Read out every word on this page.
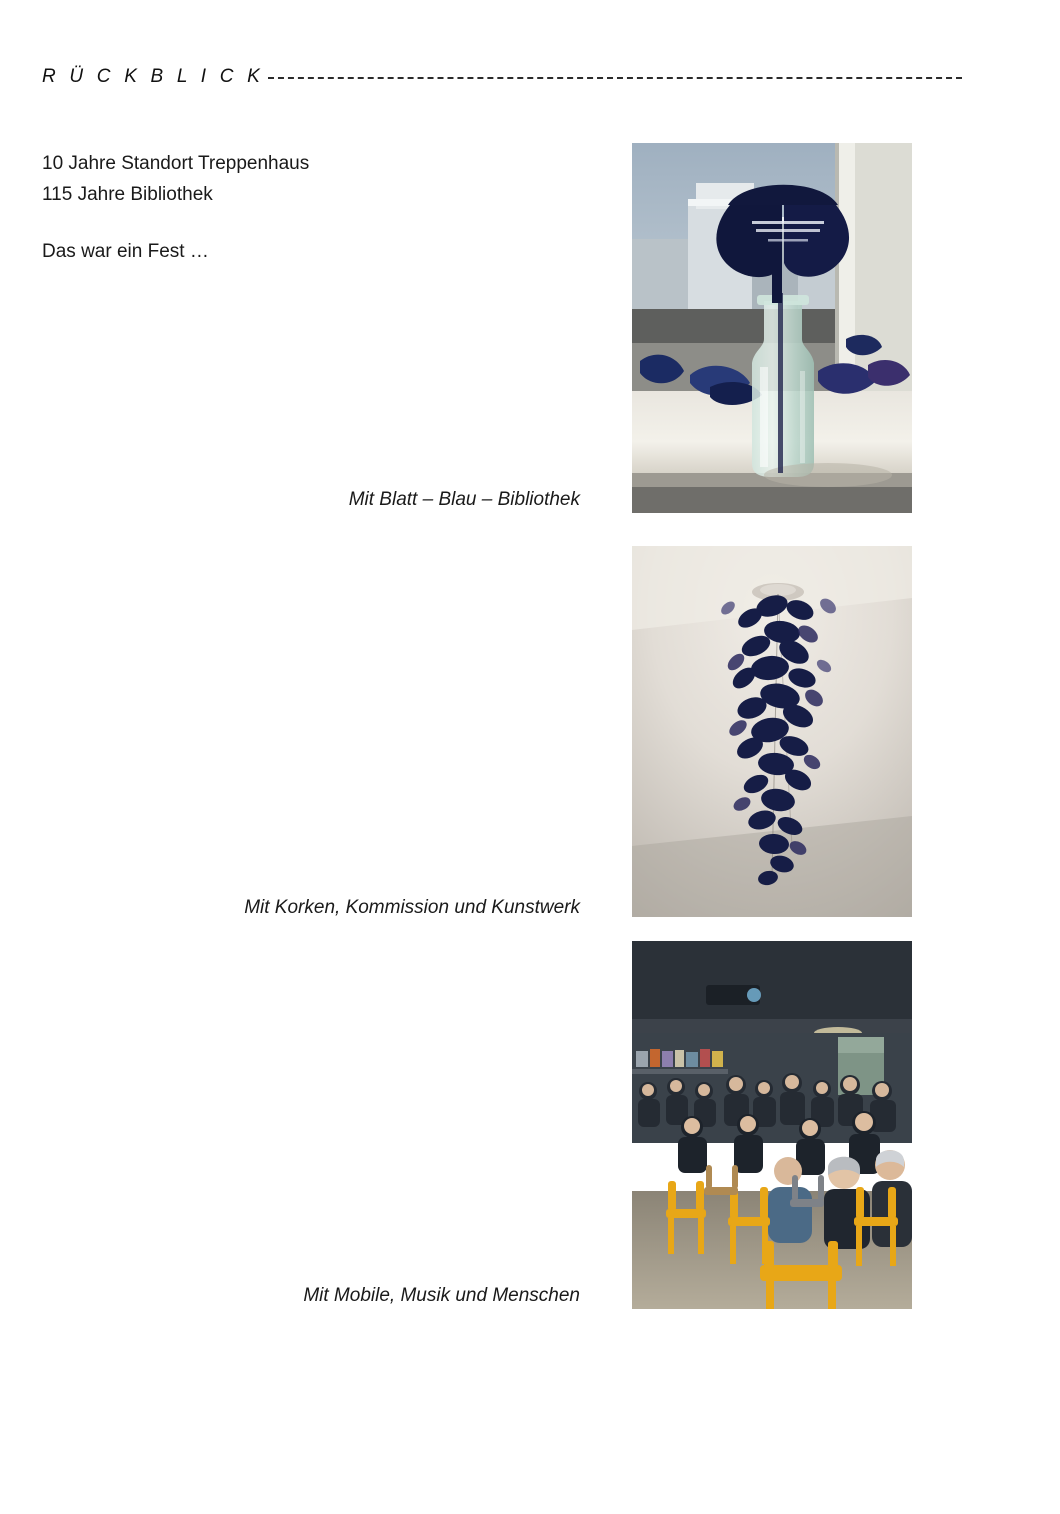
R Ü C K B L I C K
10 Jahre Standort Treppenhaus
115 Jahre Bibliothek
Das war ein Fest …
Mit Blatt – Blau – Bibliothek
Mit Korken, Kommission und Kunstwerk
Mit Mobile, Musik und Menschen
